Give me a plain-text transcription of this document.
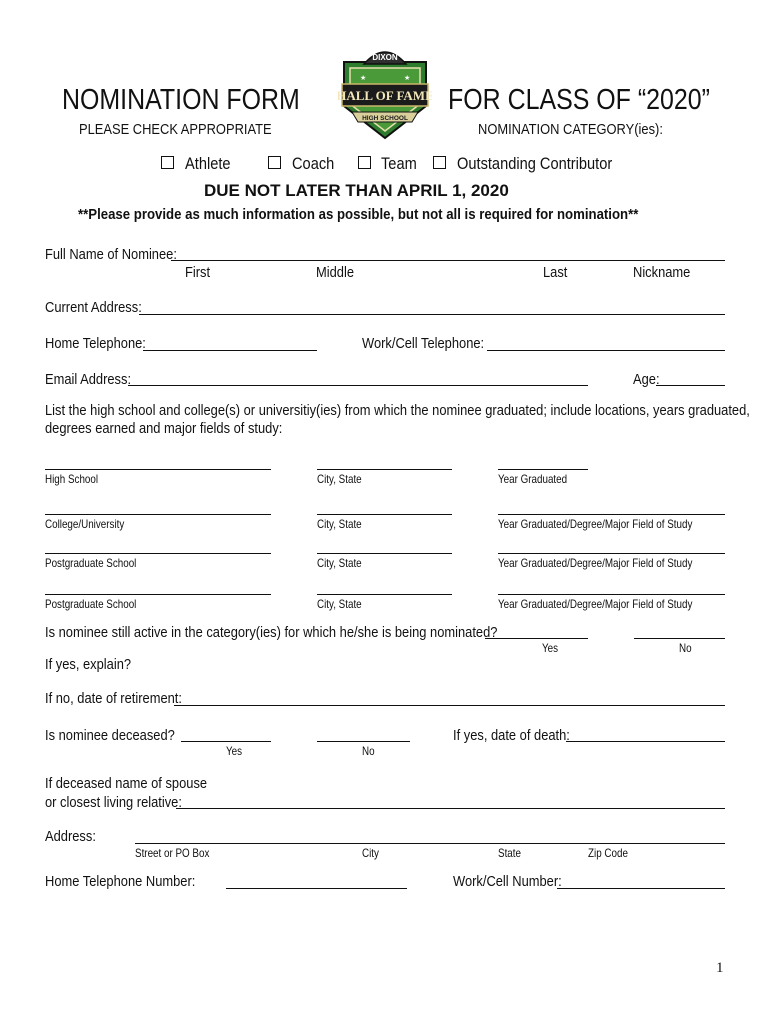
NOMINATION FORM	FOR CLASS OF “2020”
PLEASE CHECK APPROPRIATE	NOMINATION CATEGORY(ies):
DIXON
★	★
HALL OF FAME
HIGH SCHOOL
Athlete	Coach	Team Outstanding Contributor
DUE NOT LATER THAN APRIL 1, 2020
**Please provide as much information as possible, but not all is required for nomination**
Full Name of Nominee:
First	Middle	Last	Nickname
Current Address:
Home Telephone:	Work/Cell Telephone:
Email Address:	Age:
List the high school and college(s) or universitiy(ies) from which the nominee graduated; include locations, years graduated,
degrees earned and major fields of study:
High School	City, State	Year Graduated
College/University	City, State	Year Graduated/Degree/Major Field of Study
Postgraduate School	City, State	Year Graduated/Degree/Major Field of Study
Postgraduate School	City, State	Year Graduated/Degree/Major Field of Study
Is nominee still active in the category(ies) for which he/she is being nominated?
Yes	No
If yes, explain?
If no, date of retirement:
Is nominee deceased?
Yes	No
If yes, date of death:
If deceased name of spouse
or closest living relative:
Address:
Street or PO Box	City	State	Zip Code
Home Telephone Number:	Work/Cell Number:
1
